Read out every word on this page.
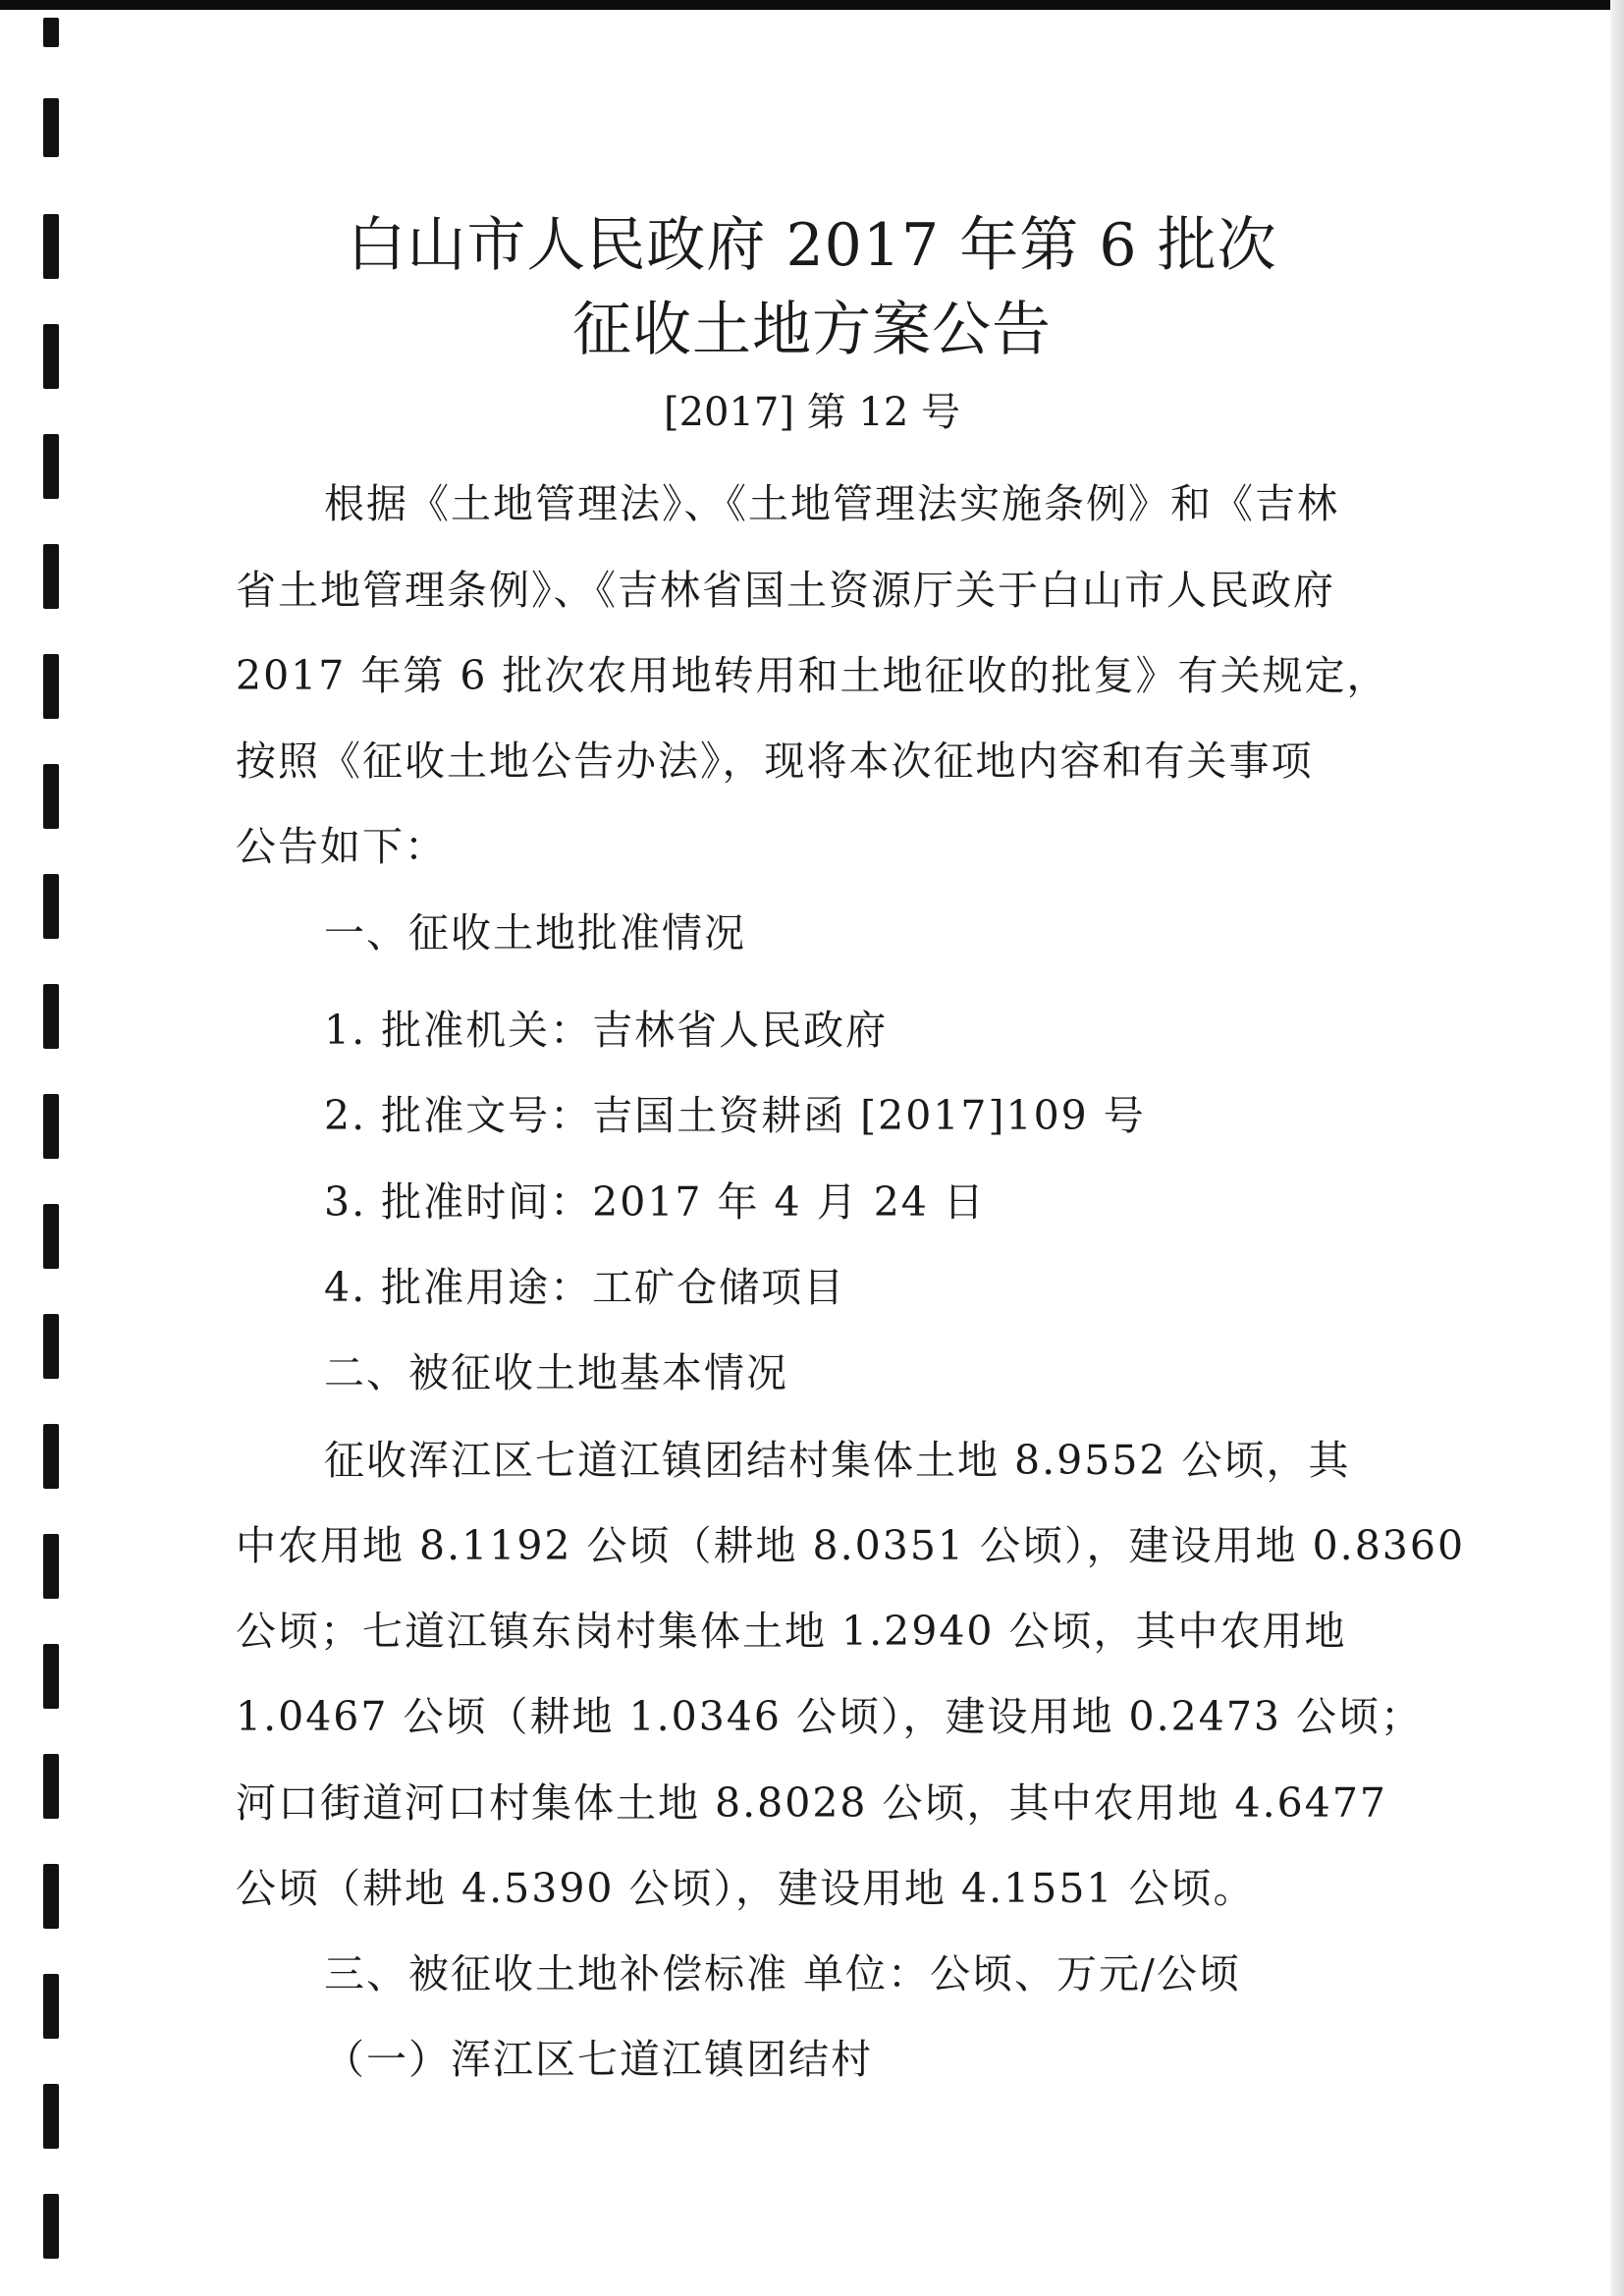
白山市人民政府 2017 年第 6 批次
征收土地方案公告
[2017] 第 12 号
根据《土地管理法》、《土地管理法实施条例》和《吉林
省土地管理条例》、《吉林省国土资源厅关于白山市人民政府
2017 年第 6 批次农用地转用和土地征收的批复》有关规定，
按照《征收土地公告办法》，现将本次征地内容和有关事项
公告如下：
一、征收土地批准情况
1. 批准机关：吉林省人民政府
2. 批准文号：吉国土资耕函 [2017]109 号
3. 批准时间：2017 年 4 月 24 日
4. 批准用途：工矿仓储项目
二、被征收土地基本情况
征收浑江区七道江镇团结村集体土地 8.9552 公顷，其
中农用地 8.1192 公顷（耕地 8.0351 公顷），建设用地 0.8360
公顷；七道江镇东岗村集体土地 1.2940 公顷，其中农用地
1.0467 公顷（耕地 1.0346 公顷），建设用地 0.2473 公顷；
河口街道河口村集体土地 8.8028 公顷，其中农用地 4.6477
公顷（耕地 4.5390 公顷），建设用地 4.1551 公顷。
三、被征收土地补偿标准 单位：公顷、万元/公顷
（一）浑江区七道江镇团结村
